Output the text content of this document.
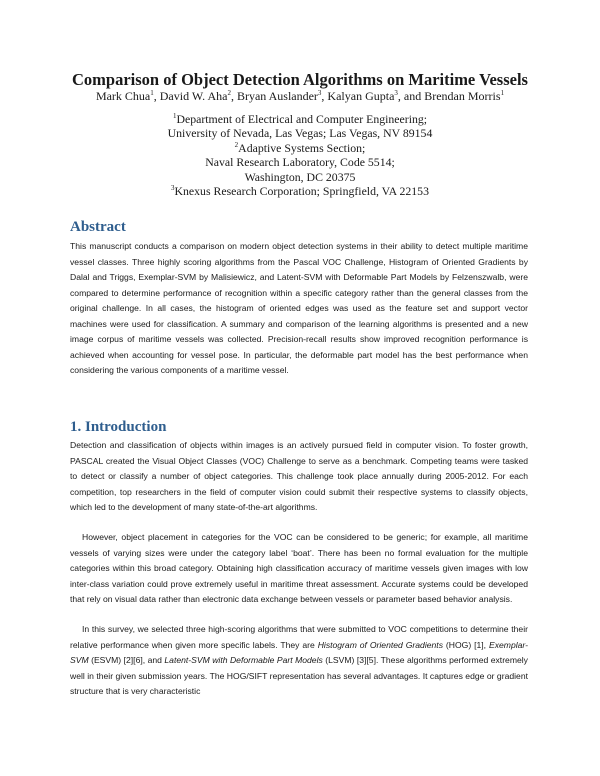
Comparison of Object Detection Algorithms on Maritime Vessels
Mark Chua$^1$, David W. Aha$^2$, Bryan Auslander$^3$, Kalyan Gupta$^3$, and Brendan Morris$^1$
$^1$Department of Electrical and Computer Engineering;
University of Nevada, Las Vegas; Las Vegas, NV 89154
$^2$Adaptive Systems Section;
Naval Research Laboratory, Code 5514;
Washington, DC 20375
$^3$Knexus Research Corporation; Springfield, VA 22153
Abstract

This manuscript conducts a comparison on modern object detection systems in their ability to detect multiple maritime vessel classes. Three highly scoring algorithms from the Pascal VOC Challenge, Histogram of Oriented Gradients by Dalal and Triggs, Exemplar-SVM by Malisiewicz, and Latent-SVM with Deformable Part Models by Felzenszwalb, were compared to determine performance of recognition within a specific category rather than the general classes from the original challenge. In all cases, the histogram of oriented edges was used as the feature set and support vector machines were used for classification. A summary and comparison of the learning algorithms is presented and a new image corpus of maritime vessels was collected. Precision-recall results show improved recognition performance is achieved when accounting for vessel pose. In particular, the deformable part model has the best performance when considering the various components of a maritime vessel.

1. Introduction

Detection and classification of objects within images is an actively pursued field in computer vision. To foster growth, PASCAL created the Visual Object Classes (VOC) Challenge to serve as a benchmark. Competing teams were tasked to detect or classify a number of object categories. This challenge took place annually during 2005-2012. For each competition, top researchers in the field of computer vision could submit their respective systems to classify objects, which led to the development of many state-of-the-art algorithms.

However, object placement in categories for the VOC can be considered to be generic; for example, all maritime vessels of varying sizes were under the category label ‘boat’. There has been no formal evaluation for the multiple categories within this broad category. Obtaining high classification accuracy of maritime vessels given images with low inter-class variation could prove extremely useful in maritime threat assessment. Accurate systems could be developed that rely on visual data rather than electronic data exchange between vessels or parameter based behavior analysis.

In this survey, we selected three high-scoring algorithms that were submitted to VOC competitions to determine their relative performance when given more specific labels. They are Histogram of Oriented Gradients (HOG) [1], Exemplar-SVM (ESVM) [2][6], and Latent-SVM with Deformable Part Models (LSVM) [3][5]. These algorithms performed extremely well in their given submission years. The HOG/SIFT representation has several advantages. It captures edge or gradient structure that is very characteristic
